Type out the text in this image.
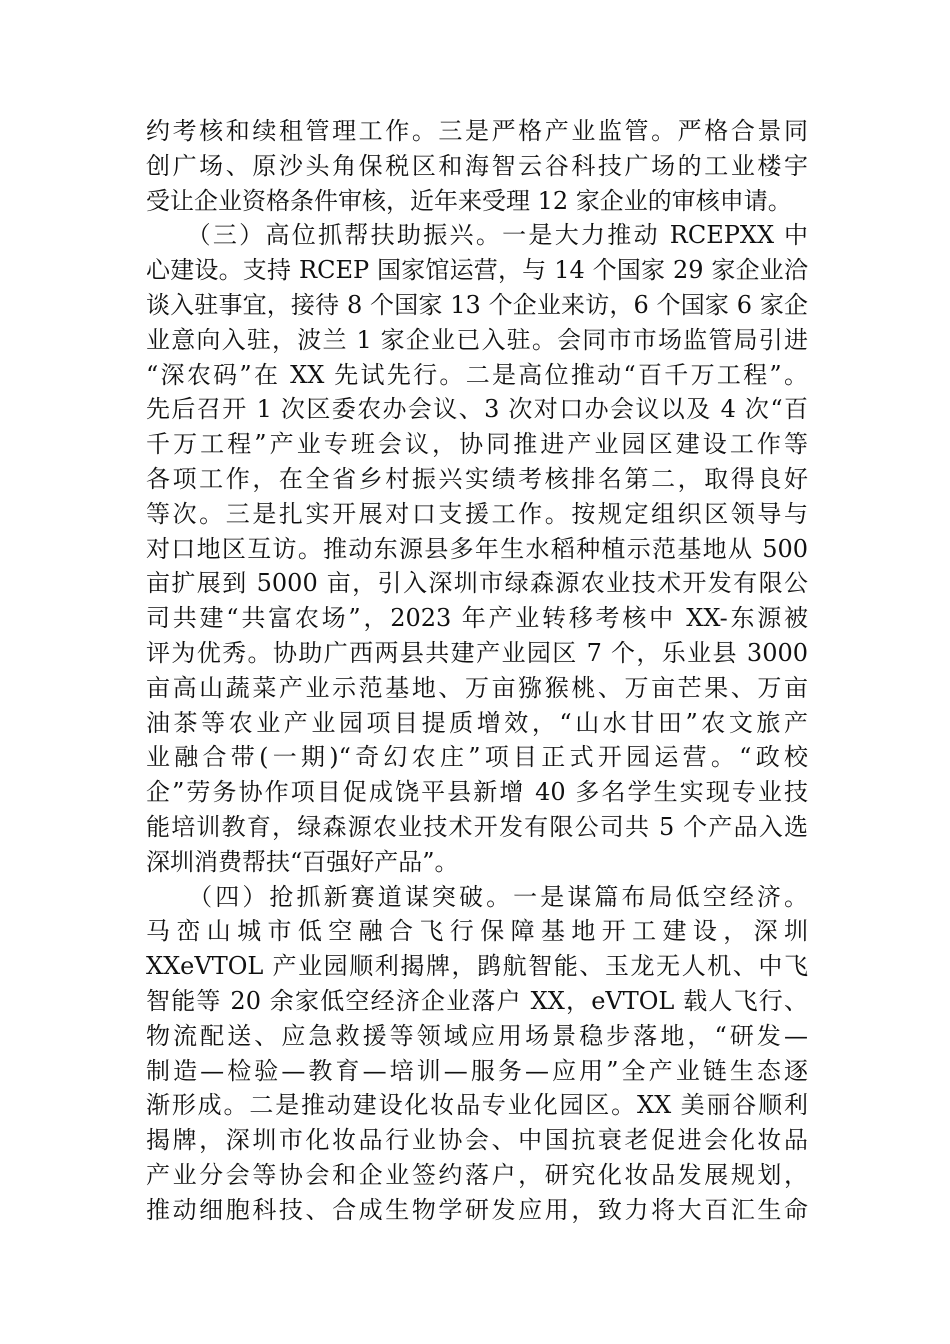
约考核和续租管理工作。三是严格产业监管。严格合景同
创广场、原沙头角保税区和海智云谷科技广场的工业楼宇
受让企业资格条件审核，近年来受理 12 家企业的审核申请。
　　（三）高位抓帮扶助振兴。一是大力推动 RCEPXX 中
心建设。支持 RCEP 国家馆运营，与 14 个国家 29 家企业洽
谈入驻事宜，接待 8 个国家 13 个企业来访，6 个国家 6 家企
业意向入驻，波兰 1 家企业已入驻。会同市市场监管局引进
“深农码”在 XX 先试先行。二是高位推动“百千万工程”。
先后召开 1 次区委农办会议、3 次对口办会议以及 4 次“百
千万工程”产业专班会议，协同推进产业园区建设工作等
各项工作，在全省乡村振兴实绩考核排名第二，取得良好
等次。三是扎实开展对口支援工作。按规定组织区领导与
对口地区互访。推动东源县多年生水稻种植示范基地从 500
亩扩展到 5000 亩，引入深圳市绿森源农业技术开发有限公
司共建“共富农场”，2023 年产业转移考核中 XX-东源被
评为优秀。协助广西两县共建产业园区 7 个，乐业县 3000
亩高山蔬菜产业示范基地、万亩猕猴桃、万亩芒果、万亩
油茶等农业产业园项目提质增效，“山水甘田”农文旅产
业融合带(一期)“奇幻农庄”项目正式开园运营。“政校
企”劳务协作项目促成饶平县新增 40 多名学生实现专业技
能培训教育，绿森源农业技术开发有限公司共 5 个产品入选
深圳消费帮扶“百强好产品”。
　　（四）抢抓新赛道谋突破。一是谋篇布局低空经济。
马峦山城市低空融合飞行保障基地开工建设，深圳
XXeVTOL 产业园顺利揭牌，鹍航智能、玉龙无人机、中飞
智能等 20 余家低空经济企业落户 XX，eVTOL 载人飞行、
物流配送、应急救援等领域应用场景稳步落地，“研发—
制造—检验—教育—培训—服务—应用”全产业链生态逐
渐形成。二是推动建设化妆品专业化园区。XX 美丽谷顺利
揭牌，深圳市化妆品行业协会、中国抗衰老促进会化妆品
产业分会等协会和企业签约落户，研究化妆品发展规划，
推动细胞科技、合成生物学研发应用，致力将大百汇生命
